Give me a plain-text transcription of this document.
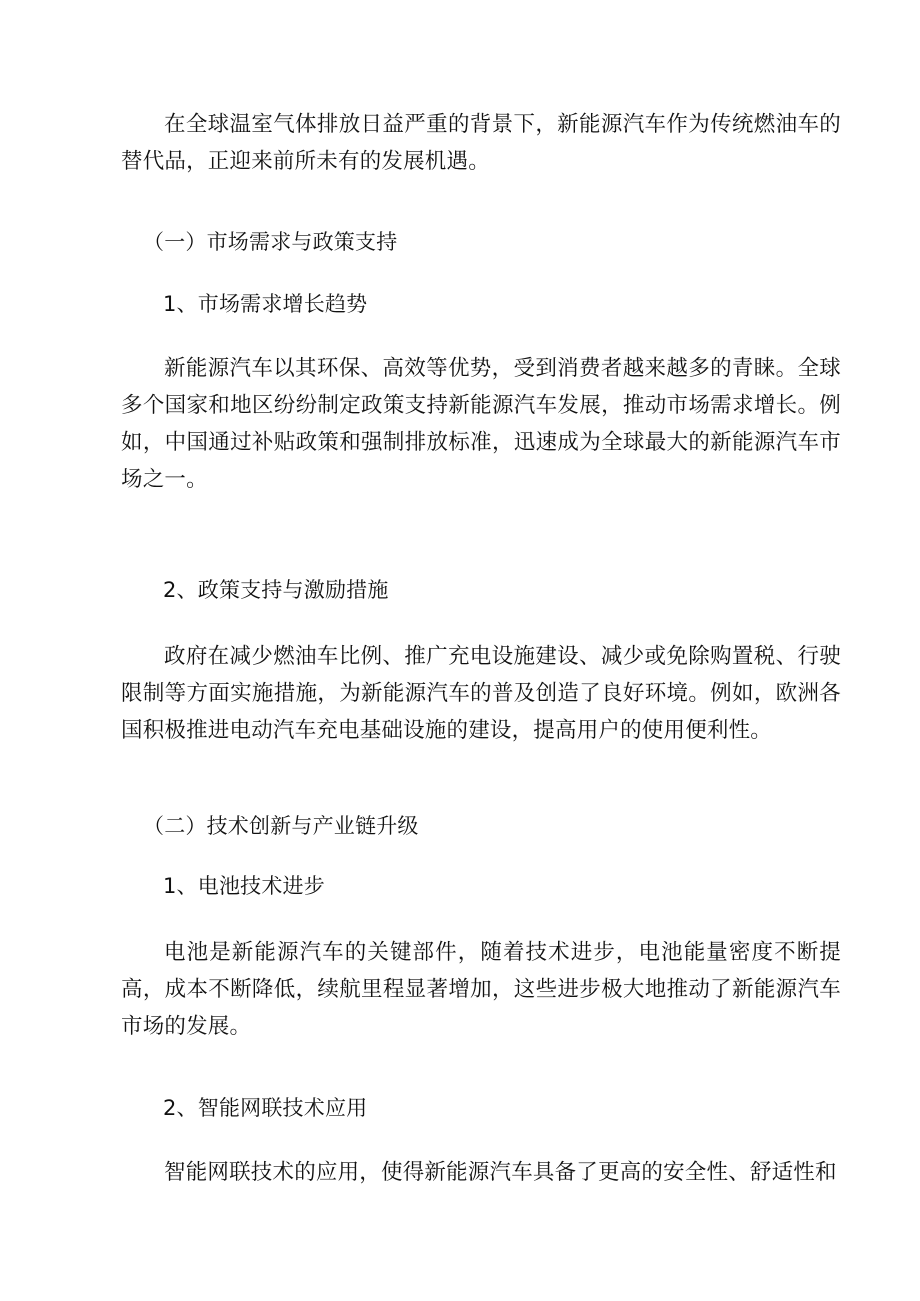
在全球温室气体排放日益严重的背景下，新能源汽车作为传统燃油车的替代品，正迎来前所未有的发展机遇。

（一）市场需求与政策支持

1、市场需求增长趋势

新能源汽车以其环保、高效等优势，受到消费者越来越多的青睐。全球多个国家和地区纷纷制定政策支持新能源汽车发展，推动市场需求增长。例如，中国通过补贴政策和强制排放标准，迅速成为全球最大的新能源汽车市场之一。

2、政策支持与激励措施

政府在减少燃油车比例、推广充电设施建设、减少或免除购置税、行驶限制等方面实施措施，为新能源汽车的普及创造了良好环境。例如，欧洲各国积极推进电动汽车充电基础设施的建设，提高用户的使用便利性。

（二）技术创新与产业链升级

1、电池技术进步

电池是新能源汽车的关键部件，随着技术进步，电池能量密度不断提高，成本不断降低，续航里程显著增加，这些进步极大地推动了新能源汽车市场的发展。

2、智能网联技术应用

智能网联技术的应用，使得新能源汽车具备了更高的安全性、舒适性和
